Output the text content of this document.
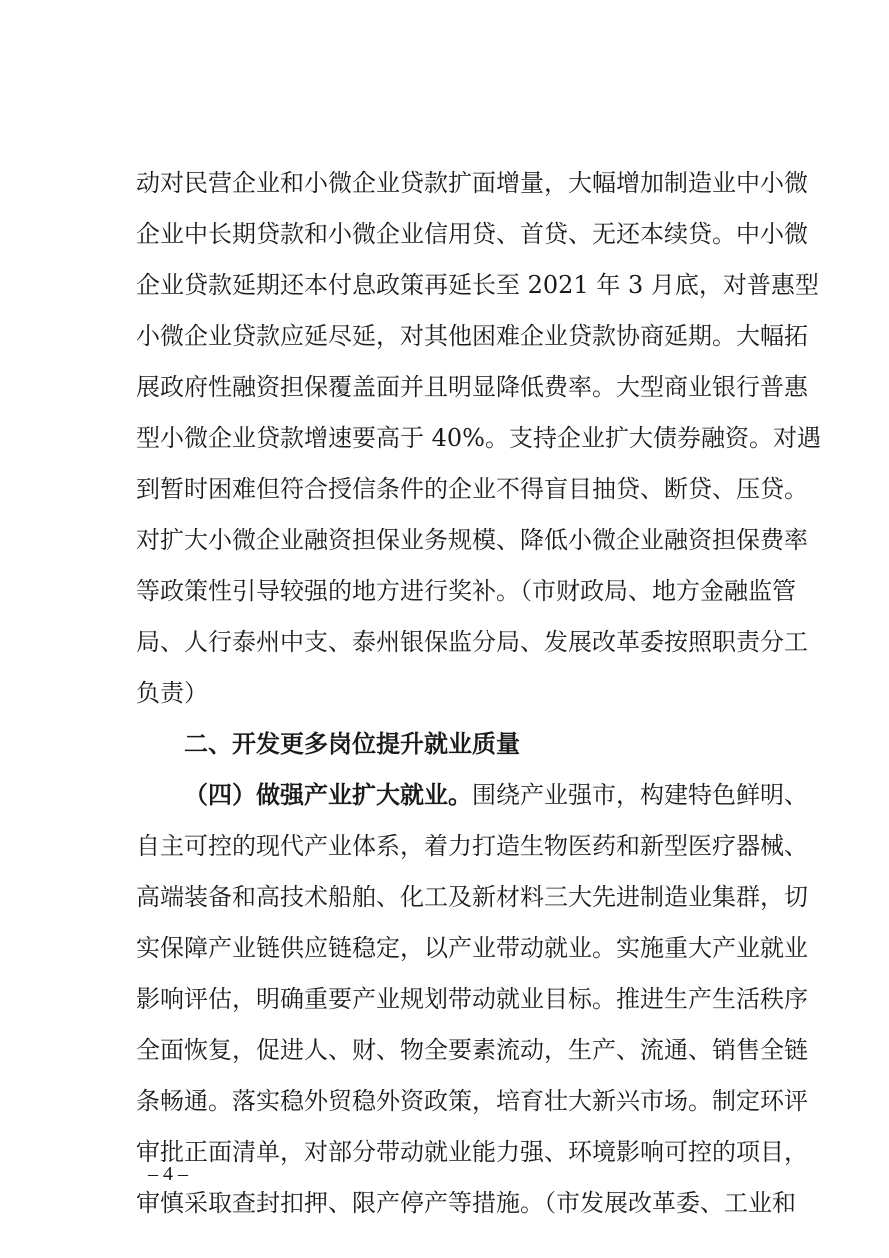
动对民营企业和小微企业贷款扩面增量，大幅增加制造业中小微
企业中长期贷款和小微企业信用贷、首贷、无还本续贷。中小微
企业贷款延期还本付息政策再延长至 2021 年 3 月底，对普惠型
小微企业贷款应延尽延，对其他困难企业贷款协商延期。大幅拓
展政府性融资担保覆盖面并且明显降低费率。大型商业银行普惠
型小微企业贷款增速要高于 40%。支持企业扩大债券融资。对遇
到暂时困难但符合授信条件的企业不得盲目抽贷、断贷、压贷。
对扩大小微企业融资担保业务规模、降低小微企业融资担保费率
等政策性引导较强的地方进行奖补。（市财政局、地方金融监管
局、人行泰州中支、泰州银保监分局、发展改革委按照职责分工
负责）
二、开发更多岗位提升就业质量
（四）做强产业扩大就业。围绕产业强市，构建特色鲜明、
自主可控的现代产业体系，着力打造生物医药和新型医疗器械、
高端装备和高技术船舶、化工及新材料三大先进制造业集群，切
实保障产业链供应链稳定，以产业带动就业。实施重大产业就业
影响评估，明确重要产业规划带动就业目标。推进生产生活秩序
全面恢复，促进人、财、物全要素流动，生产、流通、销售全链
条畅通。落实稳外贸稳外资政策，培育壮大新兴市场。制定环评
审批正面清单，对部分带动就业能力强、环境影响可控的项目，
审慎采取查封扣押、限产停产等措施。（市发展改革委、工业和
– 4 –
